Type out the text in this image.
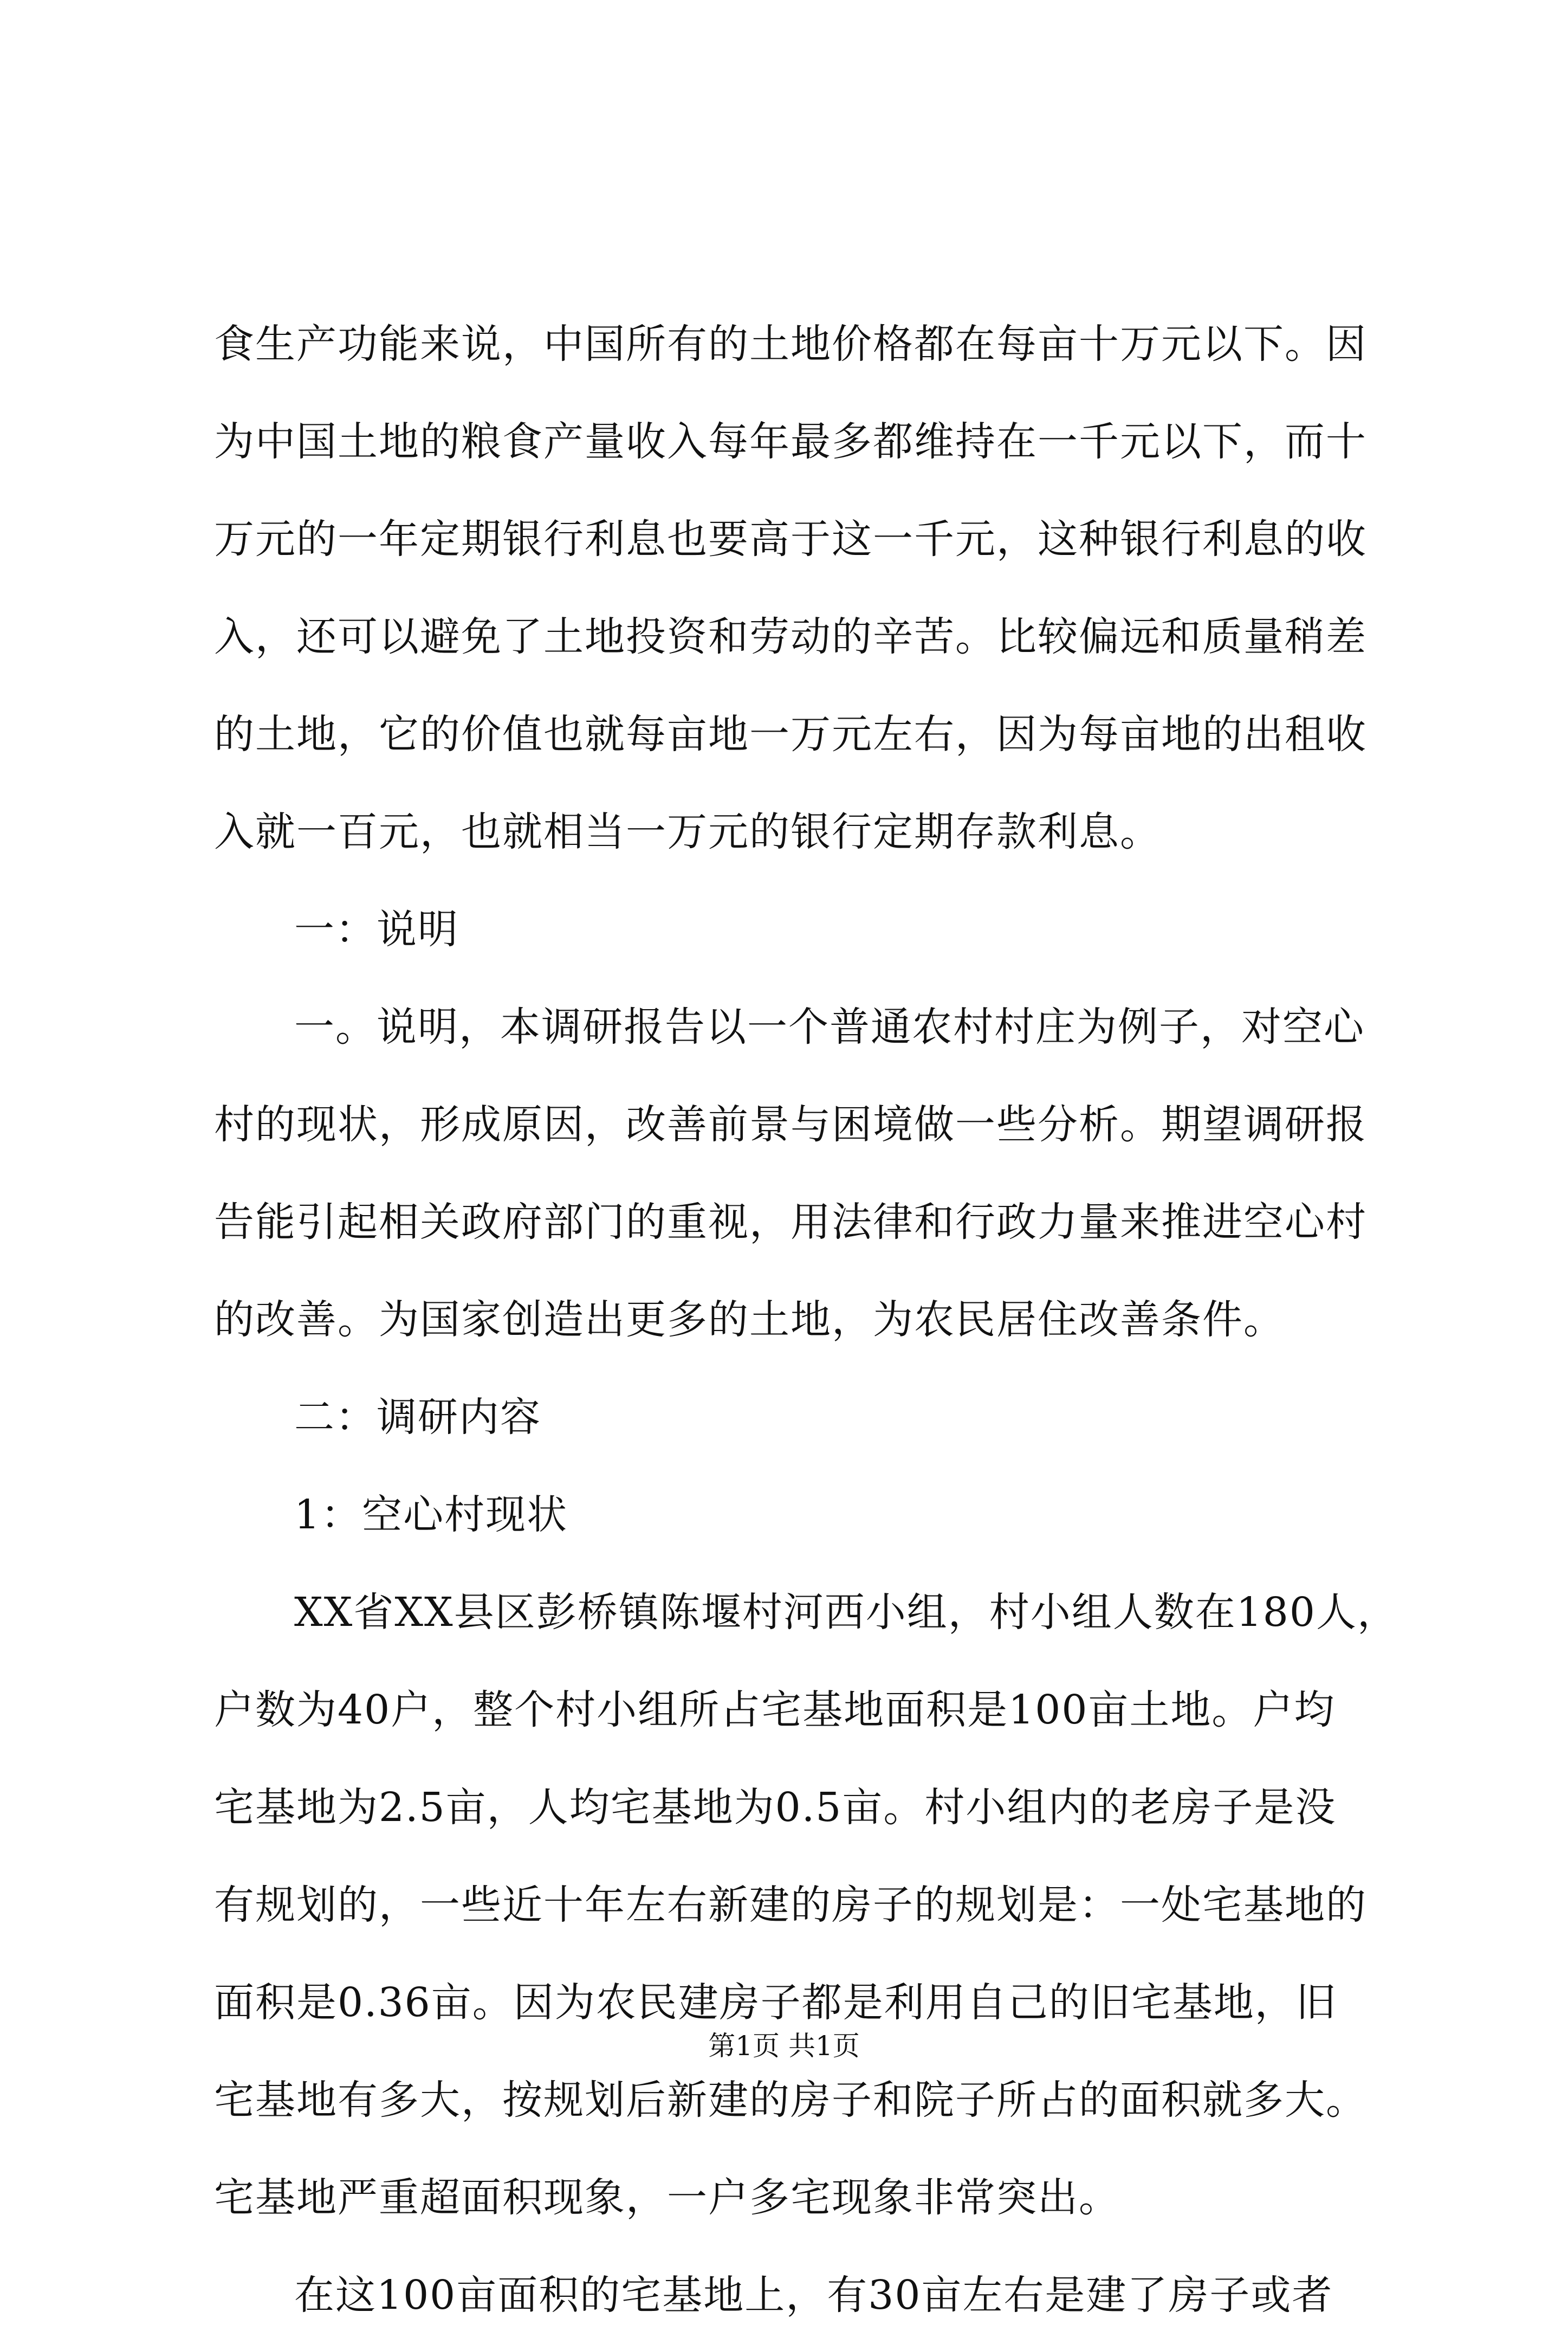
食生产功能来说，中国所有的土地价格都在每亩十万元以下。因
为中国土地的粮食产量收入每年最多都维持在一千元以下，而十
万元的一年定期银行利息也要高于这一千元，这种银行利息的收
入，还可以避免了土地投资和劳动的辛苦。比较偏远和质量稍差
的土地，它的价值也就每亩地一万元左右，因为每亩地的出租收
入就一百元，也就相当一万元的银行定期存款利息。
一：说明
一。说明，本调研报告以一个普通农村村庄为例子，对空心
村的现状，形成原因，改善前景与困境做一些分析。期望调研报
告能引起相关政府部门的重视，用法律和行政力量来推进空心村
的改善。为国家创造出更多的土地，为农民居住改善条件。
二：调研内容
1：空心村现状
XX省XX县区彭桥镇陈堰村河西小组，村小组人数在180人，
户数为40户，整个村小组所占宅基地面积是100亩土地。户均
宅基地为2.5亩，人均宅基地为0.5亩。村小组内的老房子是没
有规划的，一些近十年左右新建的房子的规划是：一处宅基地的
面积是0.36亩。因为农民建房子都是利用自己的旧宅基地，旧
宅基地有多大，按规划后新建的房子和院子所占的面积就多大。
宅基地严重超面积现象，一户多宅现象非常突出。
在这100亩面积的宅基地上，有30亩左右是建了房子或者
第1页 共1页
